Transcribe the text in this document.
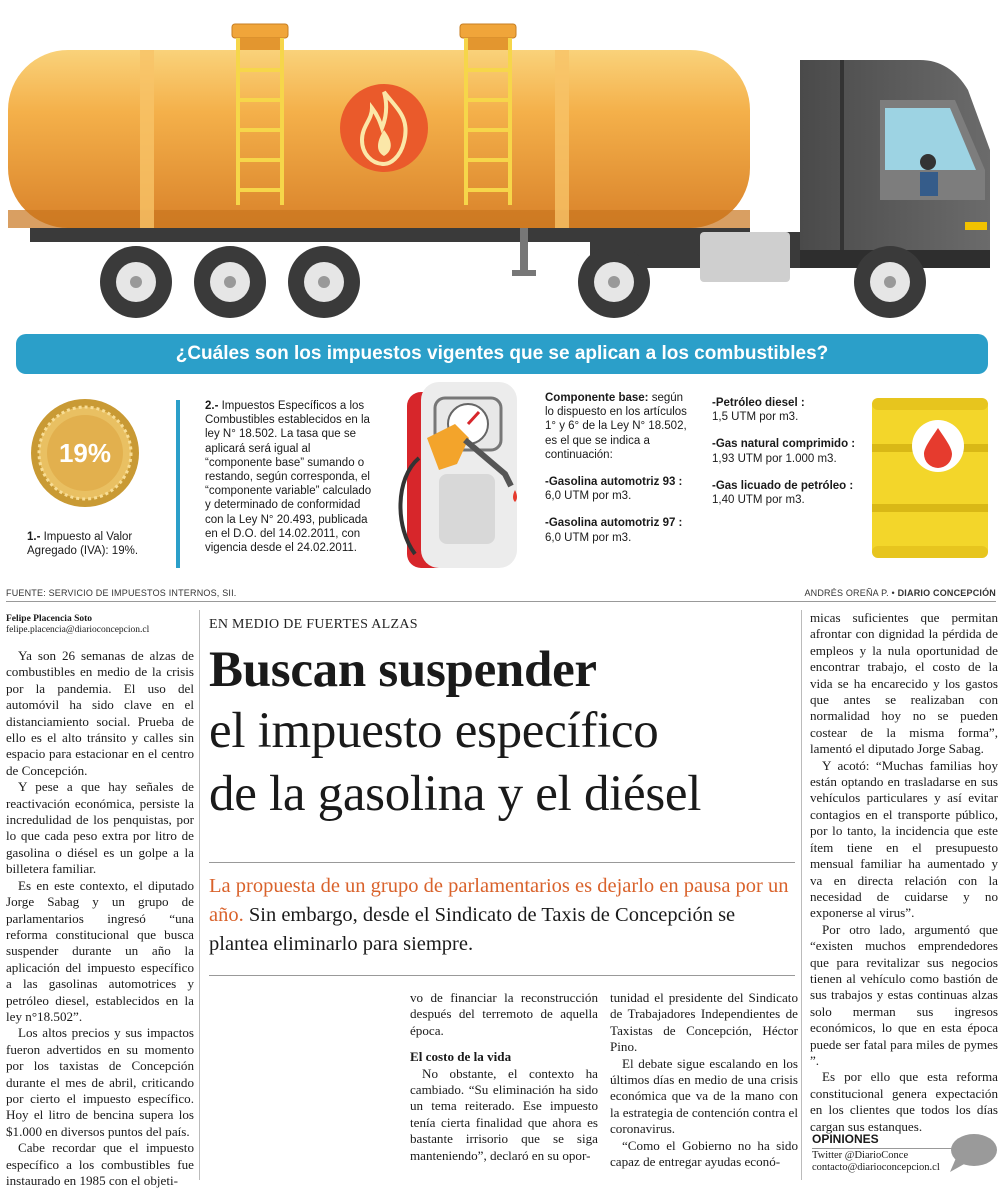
¿Cuáles son los impuestos vigentes que se aplican a los combustibles?
19%
1.- Impuesto al Valor Agregado (IVA): 19%.
2.- Impuestos Específicos a los Combustibles establecidos en la ley N° 18.502. La tasa que se aplicará será igual al “componente base” sumando o restando, según corresponda, el “componente variable” calculado y determinado de conformidad con la Ley N° 20.493, publicada en el D.O. del 14.02.2011, con vigencia desde el 24.02.2011.
Componente base: según lo dispuesto en los artículos 1° y 6° de la Ley N° 18.502, es el que se indica a continuación:
-Gasolina automotriz 93 :
6,0 UTM por m3.
-Gasolina automotriz 97 :
6,0 UTM por m3.
-Petróleo diesel :
1,5 UTM por m3.
-Gas natural comprimido :
1,93 UTM por 1.000 m3.
-Gas licuado de petróleo :
1,40 UTM por m3.
FUENTE: SERVICIO DE IMPUESTOS INTERNOS, SII.	ANDRÉS OREÑA P. • DIARIO CONCEPCIÓN
Felipe Placencia Soto
felipe.placencia@diarioconcepcion.cl

Ya son 26 semanas de alzas de combustibles en medio de la crisis por la pandemia. El uso del automóvil ha sido clave en el distanciamiento social. Prueba de ello es el alto tránsito y calles sin espacio para estacionar en el centro de Concepción.

Y pese a que hay señales de reactivación económica, persiste la incredulidad de los penquistas, por lo que cada peso extra por litro de gasolina o diésel es un golpe a la billetera familiar.

Es en este contexto, el diputado Jorge Sabag y un grupo de parlamentarios ingresó “una reforma constitucional que busca suspender durante un año la aplicación del impuesto específico a las gasolinas automotrices y petróleo diesel, establecidos en la ley n°18.502”.

Los altos precios y sus impactos fueron advertidos en su momento por los taxistas de Concepción durante el mes de abril, criticando por cierto el impuesto específico. Hoy el litro de bencina supera los $1.000 en diversos puntos del país.

Cabe recordar que el impuesto específico a los combustibles fue instaurado en 1985 con el objeti-

EN MEDIO DE FUERTES ALZAS
Buscan suspender
el impuesto específico
de la gasolina y el diésel
La propuesta de un grupo de parlamentarios es dejarlo en pausa por un año. Sin embargo, desde el Sindicato de Taxis de Concepción se plantea eliminarlo para siempre.

vo de financiar la reconstrucción después del terremoto de aquella época.

El costo de la vida

No obstante, el contexto ha cambiado. “Su eliminación ha sido un tema reiterado. Ese impuesto tenía cierta finalidad que ahora es bastante irrisorio que se siga manteniendo”, declaró en su opor-

tunidad el presidente del Sindicato de Trabajadores Independientes de Taxistas de Concepción, Héctor Pino.

El debate sigue escalando en los últimos días en medio de una crisis económica que va de la mano con la estrategia de contención contra el coronavirus.

“Como el Gobierno no ha sido capaz de entregar ayudas econó-

micas suficientes que permitan afrontar con dignidad la pérdida de empleos y la nula oportunidad de encontrar trabajo, el costo de la vida se ha encarecido y los gastos que antes se realizaban con normalidad hoy no se pueden costear de la misma forma”, lamentó el diputado Jorge Sabag.

Y acotó: “Muchas familias hoy están optando en trasladarse en sus vehículos particulares y así evitar contagios en el transporte público, por lo tanto, la incidencia que este ítem tiene en el presupuesto mensual familiar ha aumentado y va en directa relación con la necesidad de cuidarse y no exponerse al virus”.

Por otro lado, argumentó que “existen muchos emprendedores que para revitalizar sus negocios tienen al vehículo como bastión de sus trabajos y estas continuas alzas solo merman sus ingresos económicos, lo que en esta época puede ser fatal para miles de pymes ”.

Es por ello que esta reforma constitucional genera expectación en los clientes que todos los días cargan sus estanques.

OPINIONES
Twitter @DiarioConce
contacto@diarioconcepcion.cl
